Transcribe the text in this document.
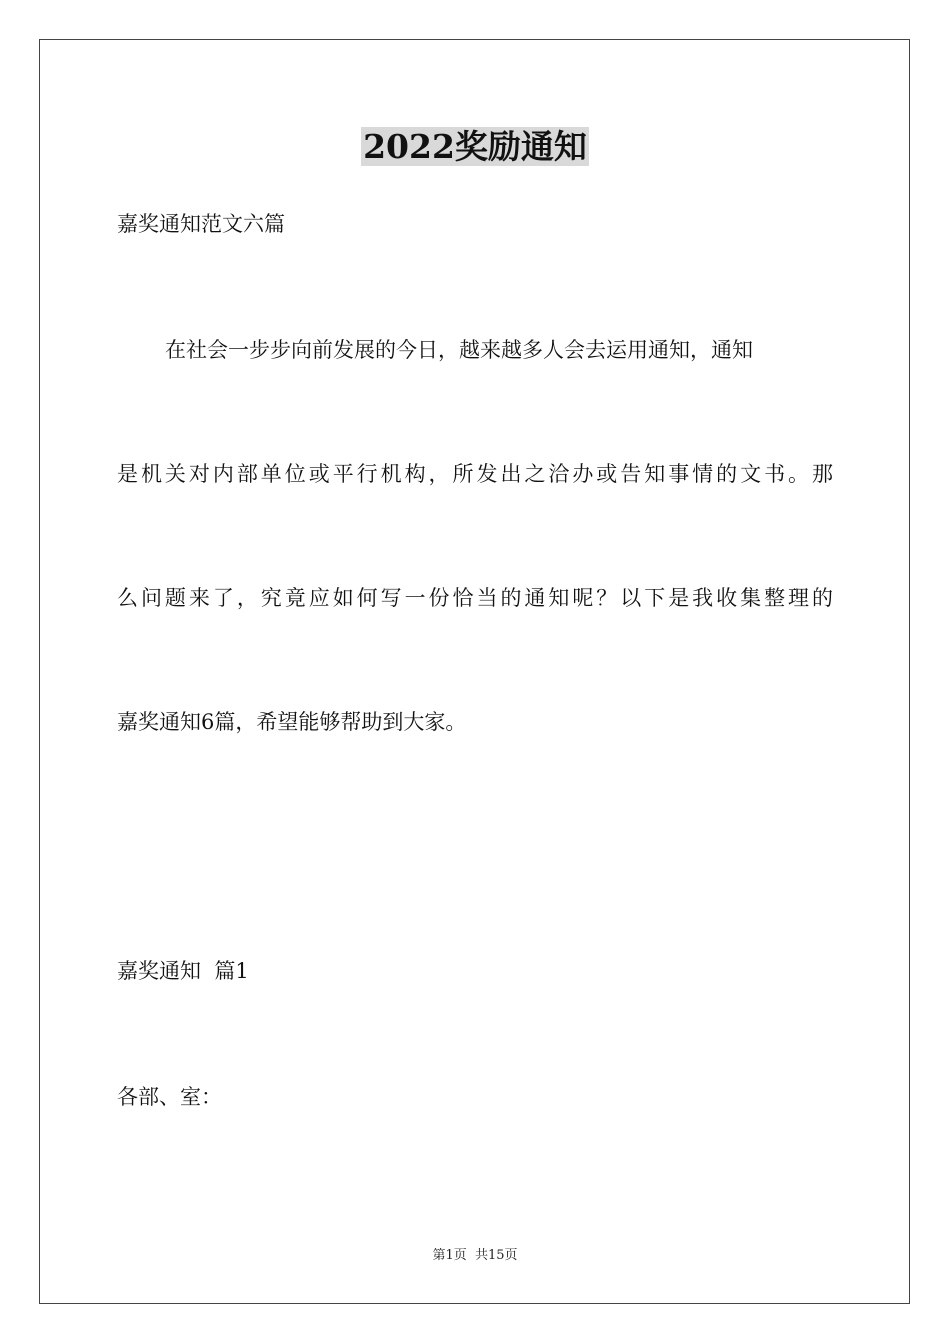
2022奖励通知
嘉奖通知范文六篇
在社会一步步向前发展的今日，越来越多人会去运用通知，通知
是机关对内部单位或平行机构，所发出之洽办或告知事情的文书。那
么问题来了，究竟应如何写一份恰当的通知呢？以下是我收集整理的
嘉奖通知6篇，希望能够帮助到大家。
嘉奖通知  篇1
各部、室：
第1页  共15页
